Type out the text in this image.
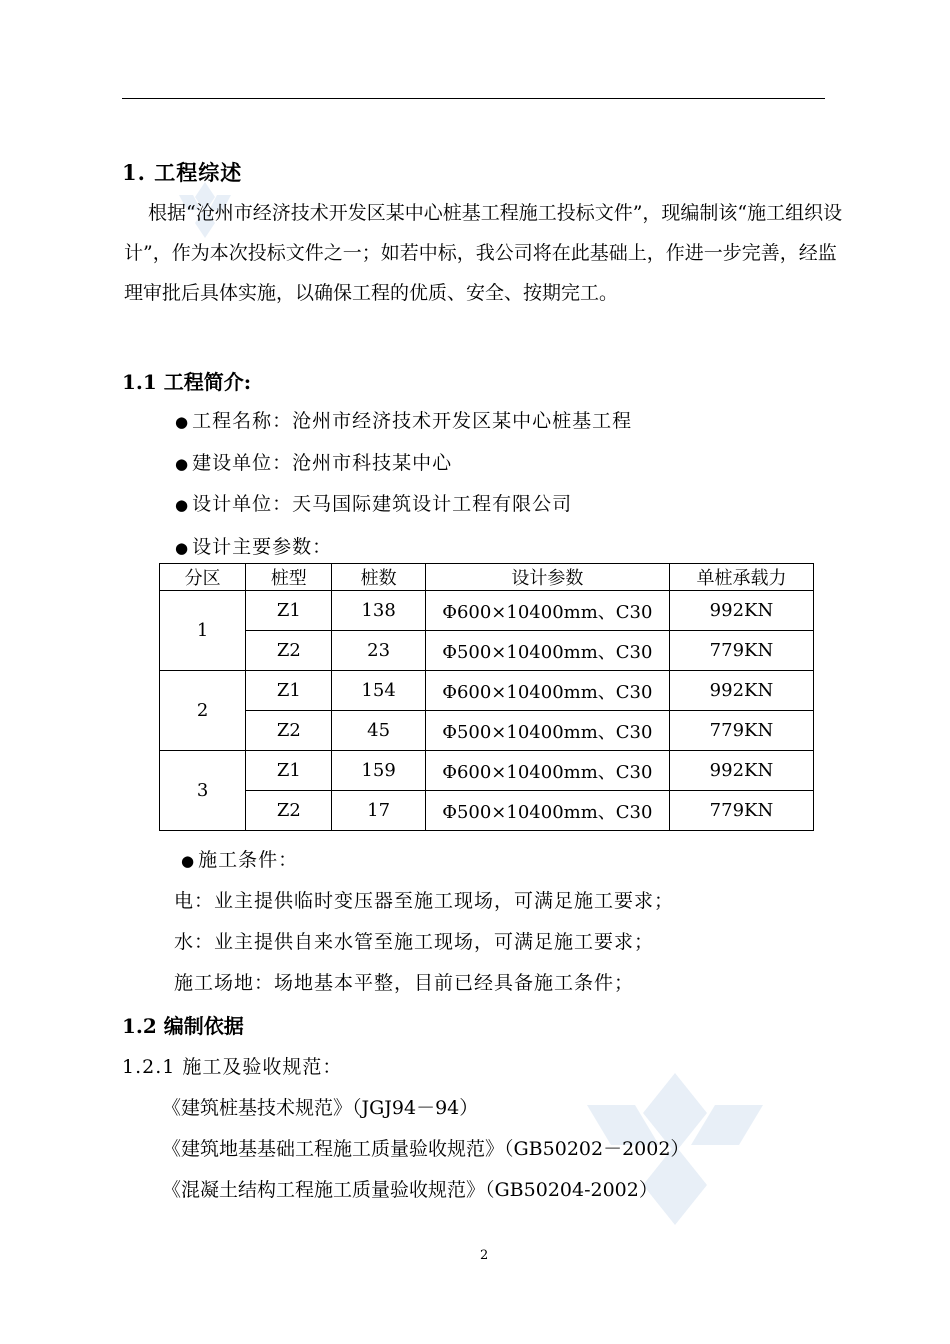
1. 工程综述
根据“沧州市经济技术开发区某中心桩基工程施工投标文件”，现编制该“施工组织设计”，作为本次投标文件之一；如若中标，我公司将在此基础上，作进一步完善，经监理审批后具体实施，以确保工程的优质、安全、按期完工。
1.1 工程简介:
● 工程名称：沧州市经济技术开发区某中心桩基工程
● 建设单位：沧州市科技某中心
● 设计单位：天马国际建筑设计工程有限公司
● 设计主要参数：
分区	桩型	桩数	设计参数	单桩承载力
1	Z1	138	Φ600×10400mm、C30	992KN
	Z2	23	Φ500×10400mm、C30	779KN
2	Z1	154	Φ600×10400mm、C30	992KN
	Z2	45	Φ500×10400mm、C30	779KN
3	Z1	159	Φ600×10400mm、C30	992KN
	Z2	17	Φ500×10400mm、C30	779KN
● 施工条件：
电：业主提供临时变压器至施工现场，可满足施工要求；
水：业主提供自来水管至施工现场，可满足施工要求；
施工场地：场地基本平整，目前已经具备施工条件；
1.2 编制依据
1.2.1 施工及验收规范：
《建筑桩基技术规范》（JGJ94－94）
《建筑地基基础工程施工质量验收规范》（GB50202－2002）
《混凝土结构工程施工质量验收规范》（GB50204-2002）
2
